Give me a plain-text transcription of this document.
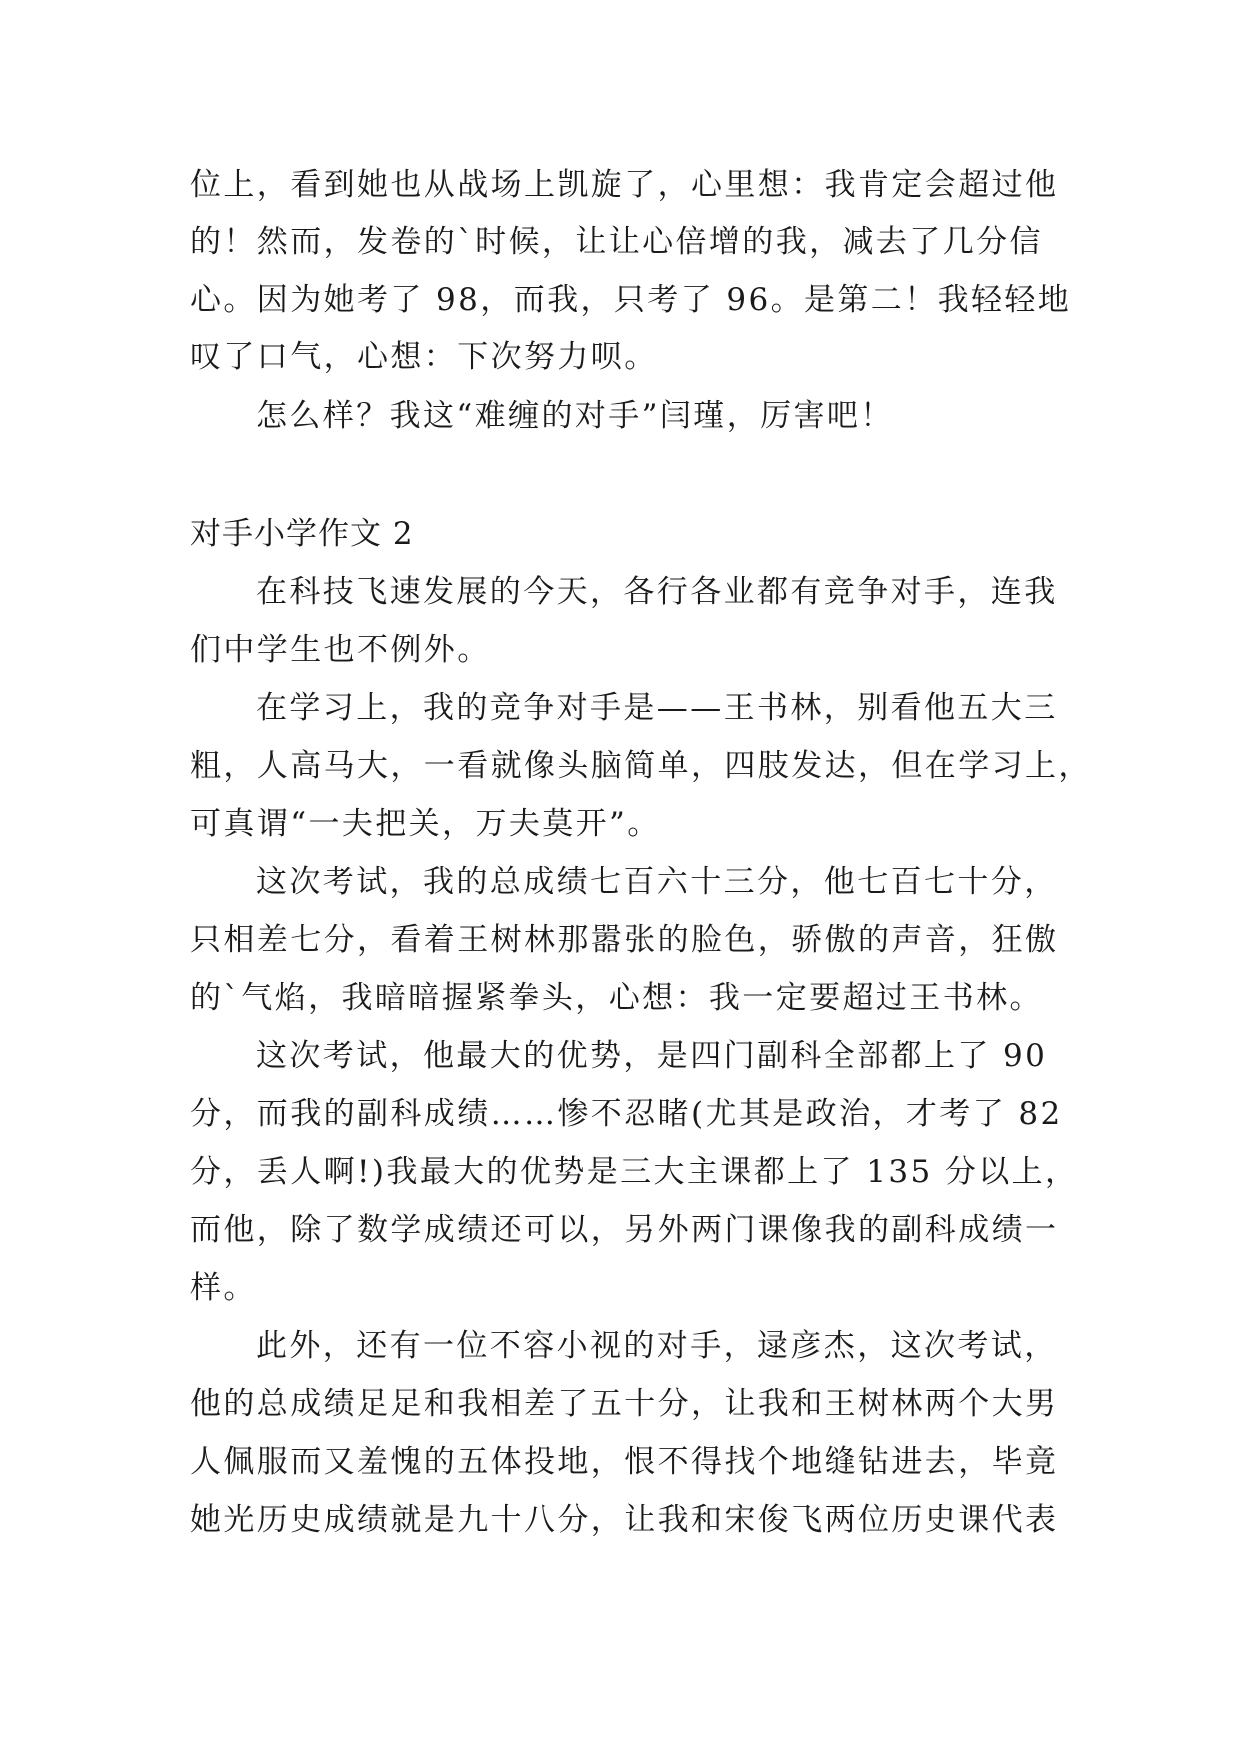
位上，看到她也从战场上凯旋了，心里想：我肯定会超过他
的！然而，发卷的`时候，让让心倍增的我，减去了几分信
心。因为她考了 98，而我，只考了 96。是第二！我轻轻地
叹了口气，心想：下次努力呗。
怎么样？我这“难缠的对手”闫瑾，厉害吧！
对手小学作文 2
在科技飞速发展的今天，各行各业都有竞争对手，连我
们中学生也不例外。
在学习上，我的竞争对手是——王书林，别看他五大三
粗，人高马大，一看就像头脑简单，四肢发达，但在学习上，
可真谓“一夫把关，万夫莫开”。
这次考试，我的总成绩七百六十三分，他七百七十分，
只相差七分，看着王树林那嚣张的脸色，骄傲的声音，狂傲
的`气焰，我暗暗握紧拳头，心想：我一定要超过王书林。
这次考试，他最大的优势，是四门副科全部都上了 90
分，而我的副科成绩……惨不忍睹(尤其是政治，才考了 82
分，丢人啊!)我最大的优势是三大主课都上了 135 分以上，
而他，除了数学成绩还可以，另外两门课像我的副科成绩一
样。
此外，还有一位不容小视的对手，逯彦杰，这次考试，
他的总成绩足足和我相差了五十分，让我和王树林两个大男
人佩服而又羞愧的五体投地，恨不得找个地缝钻进去，毕竟
她光历史成绩就是九十八分，让我和宋俊飞两位历史课代表
